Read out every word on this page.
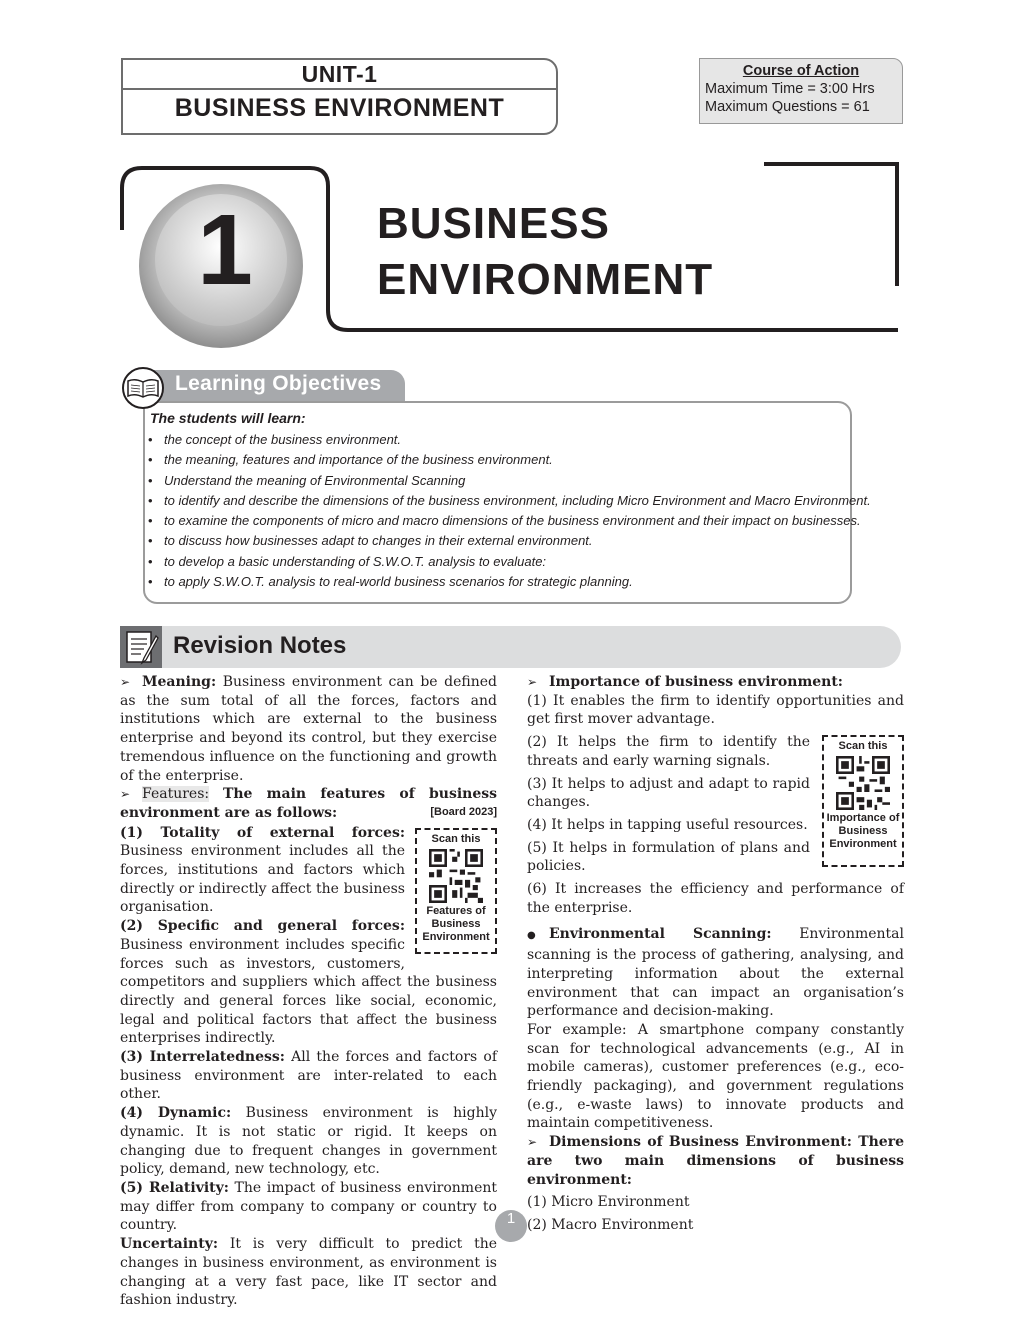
UNIT-1
BUSINESS ENVIRONMENT
Course of Action
Maximum Time = 3:00 Hrs
Maximum Questions = 61
1	BUSINESS
ENVIRONMENT
Learning Objectives
The students will learn:
• the concept of the business environment.
• the meaning, features and importance of the business environment.
• Understand the meaning of Environmental Scanning
• to identify and describe the dimensions of the business environment, including Micro Environment and Macro Environment.
• to examine the components of micro and macro dimensions of the business environment and their impact on businesses.
• to discuss how businesses adapt to changes in their external environment.
• to develop a basic understanding of S.W.O.T. analysis to evaluate:
• to apply S.W.O.T. analysis to real-world business scenarios for strategic planning.
Revision Notes

➢ Meaning: Business environment can be defined as the sum total of all the forces, factors and institutions which are external to the business enterprise and beyond its control, but they exercise tremendous influence on the functioning and growth of the enterprise.

➢ Features: The main features of business environment are as follows:	[Board 2023]

Scan this
Features of Business Environment

(1) Totality of external forces: Business environment includes all the forces, institutions and factors which directly or indirectly affect the business organisation.

(2) Specific and general forces: Business environment includes specific forces such as investors, customers, competitors and suppliers which affect the business directly and general forces like social, economic, legal and political factors that affect the business enterprises indirectly.

(3) Interrelatedness: All the forces and factors of business environment are inter-related to each other.

(4) Dynamic: Business environment is highly dynamic. It is not static or rigid. It keeps on changing due to frequent changes in government policy, demand, new technology, etc.

(5) Relativity: The impact of business environment may differ from company to company or country to country.

Uncertainty: It is very difficult to predict the changes in business environment, as environment is changing at a very fast pace, like IT sector and fashion industry.

➢ Importance of business environment:

(1) It enables the firm to identify opportunities and get first mover advantage.

Scan this
Importance of Business Environment

(2) It helps the firm to identify the threats and early warning signals.

(3) It helps to adjust and adapt to rapid changes.

(4) It helps in tapping useful resources.

(5) It helps in formulation of plans and policies.

(6) It increases the efficiency and performance of the enterprise.

● Environmental Scanning: Environmental scanning is the process of gathering, analysing, and interpreting information about the external environment that can impact an organisation’s performance and decision-making.

For example: A smartphone company constantly scan for technological advancements (e.g., AI in mobile cameras), customer preferences (e.g., eco-friendly packaging), and government regulations (e.g., e-waste laws) to innovate products and maintain competitiveness.

➢ Dimensions of Business Environment: There are two main dimensions of business environment:

(1) Micro Environment

(2) Macro Environment

1
